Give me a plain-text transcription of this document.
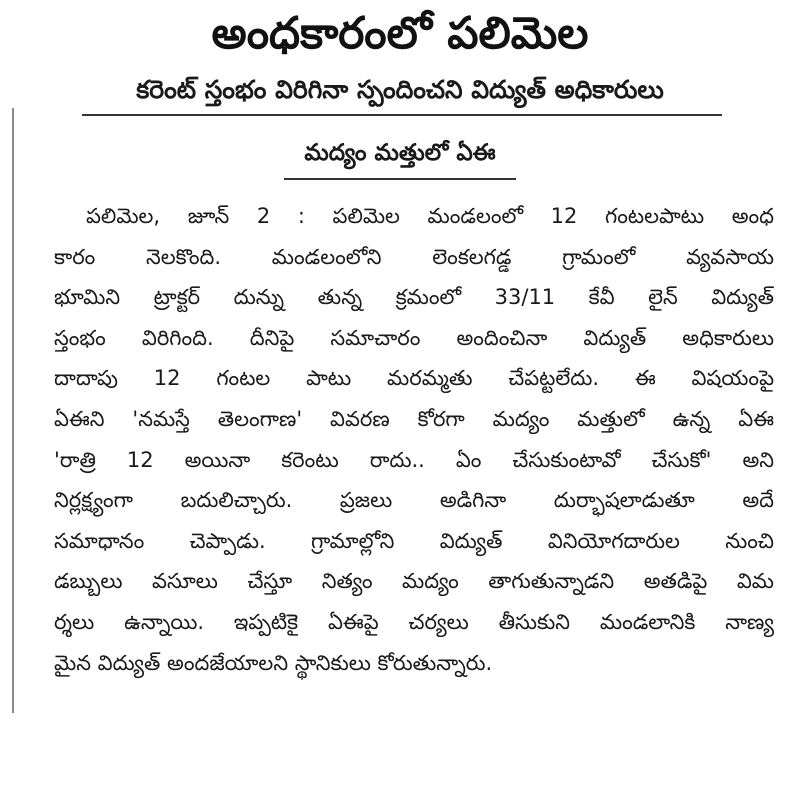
అంధకారంలో పలిమెల
కరెంట్ స్తంభం విరిగినా స్పందించని విద్యుత్ అధికారులు
మద్యం మత్తులో ఏఈ
పలిమెల, జూన్ 2 : పలిమెల మండలంలో 12 గంటలపాటు అంధ
కారం నెలకొంది. మండలంలోని లెంకలగడ్డ గ్రామంలో వ్యవసాయ
భూమిని ట్రాక్టర్ దున్ను తున్న క్రమంలో 33/11 కేవీ లైన్ విద్యుత్
స్తంభం విరిగింది. దీనిపై సమాచారం అందించినా విద్యుత్ అధికారులు
దాదాపు 12 గంటల పాటు మరమ్మతు చేపట్టలేదు. ఈ విషయంపై
ఏఈని 'నమస్తే తెలంగాణ' వివరణ కోరగా మద్యం మత్తులో ఉన్న ఏఈ
'రాత్రి 12 అయినా కరెంటు రాదు.. ఏం చేసుకుంటావో చేసుకో' అని
నిర్లక్ష్యంగా బదులిచ్చారు. ప్రజలు అడిగినా దుర్భాషలాడుతూ అదే
సమాధానం చెప్పాడు. గ్రామాల్లోని విద్యుత్ వినియోగదారుల నుంచి
డబ్బులు వసూలు చేస్తూ నిత్యం మద్యం తాగుతున్నాడని అతడిపై విమ
ర్శలు ఉన్నాయి. ఇప్పటికైె ఏఈపై చర్యలు తీసుకుని మండలానికి నాణ్య
మైన విద్యుత్ అందజేయాలని స్థానికులు కోరుతున్నారు.
